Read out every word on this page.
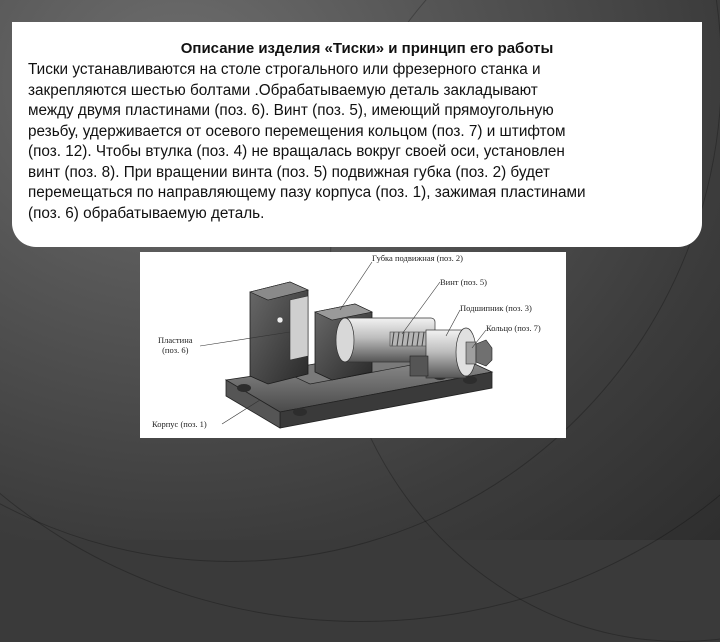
Описание изделия «Тиски» и принцип его работы
Тиски устанавливаются на столе строгального или фрезерного станка и
закрепляются шестью болтами .Обрабатываемую деталь закладывают
между двумя пластинами (поз. 6). Винт (поз. 5), имеющий прямоугольную
резьбу, удерживается от осевого перемещения кольцом (поз. 7) и штифтом
(поз. 12). Чтобы втулка (поз. 4) не вращалась вокруг своей оси, установлен
винт (поз. 8). При вращении винта (поз. 5) подвижная губка (поз. 2) будет
перемещаться по направляющему пазу корпуса (поз. 1), зажимая пластинами
(поз. 6) обрабатываемую деталь.
Губка подвижная (поз. 2)
Винт (поз. 5)
Подшипник (поз. 3)
Кольцо (поз. 7)
Пластина
(поз. 6)
Корпус (поз. 1)
